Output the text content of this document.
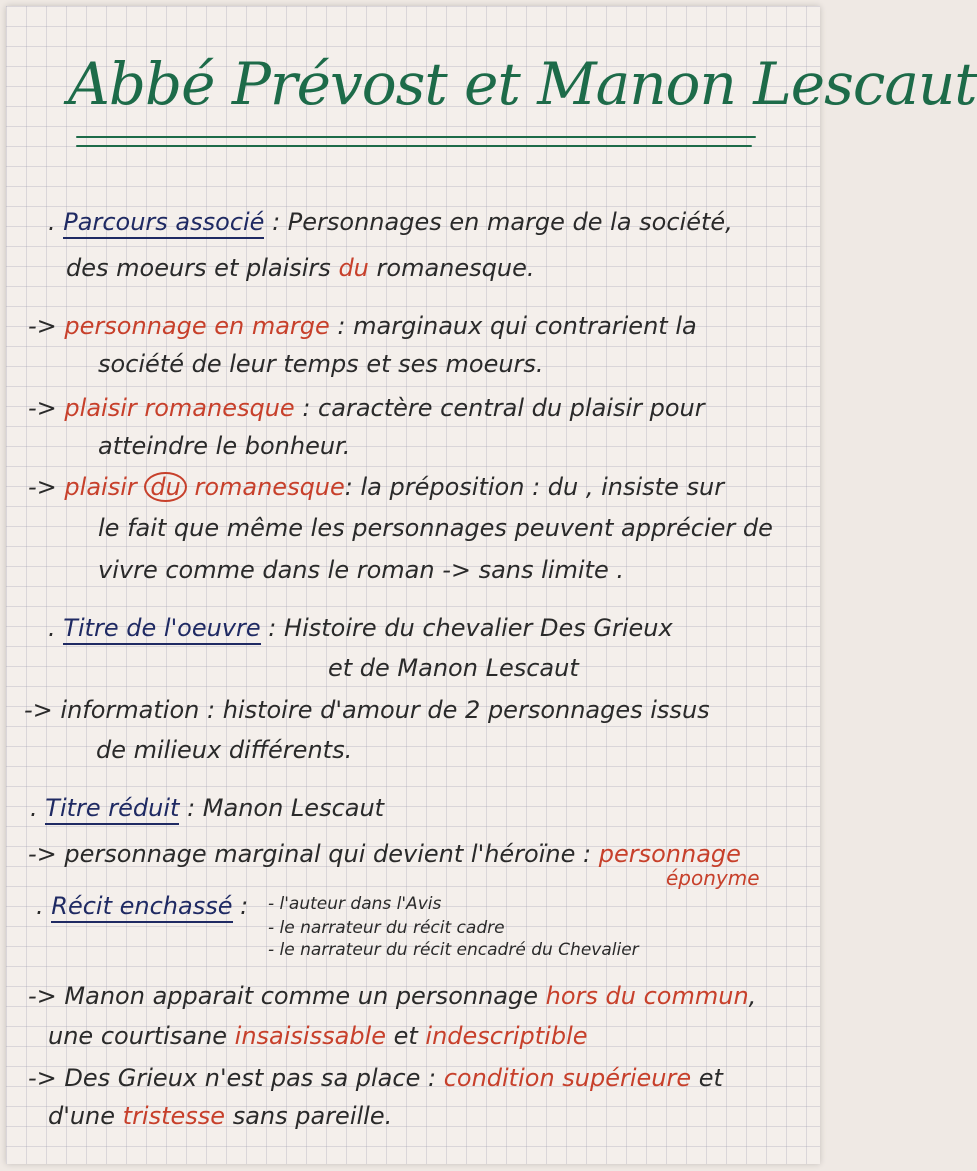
Abbé Prévost et Manon Lescaut
. Parcours associé : Personnages en marge de la société,
des moeurs et plaisirs du romanesque.
-> personnage en marge : marginaux qui contrarient la
société de leur temps et ses moeurs.
-> plaisir romanesque : caractère central du plaisir pour
atteindre le bonheur.
-> plaisir du romanesque: la préposition : du , insiste sur
le fait que même les personnages peuvent apprécier de
vivre comme dans le roman -> sans limite .
. Titre de l'oeuvre : Histoire du chevalier Des Grieux
et de Manon Lescaut
-> information : histoire d'amour de 2 personnages issus
de milieux différents.
. Titre réduit : Manon Lescaut
-> personnage marginal qui devient l'héroïne : personnage
éponyme
. Récit enchassé : - l'auteur dans l'Avis
- le narrateur du récit cadre
- le narrateur du récit encadré du Chevalier
-> Manon apparait comme un personnage hors du commun,
une courtisane insaisissable et indescriptible
-> Des Grieux n'est pas sa place : condition supérieure et
d'une tristesse sans pareille.
